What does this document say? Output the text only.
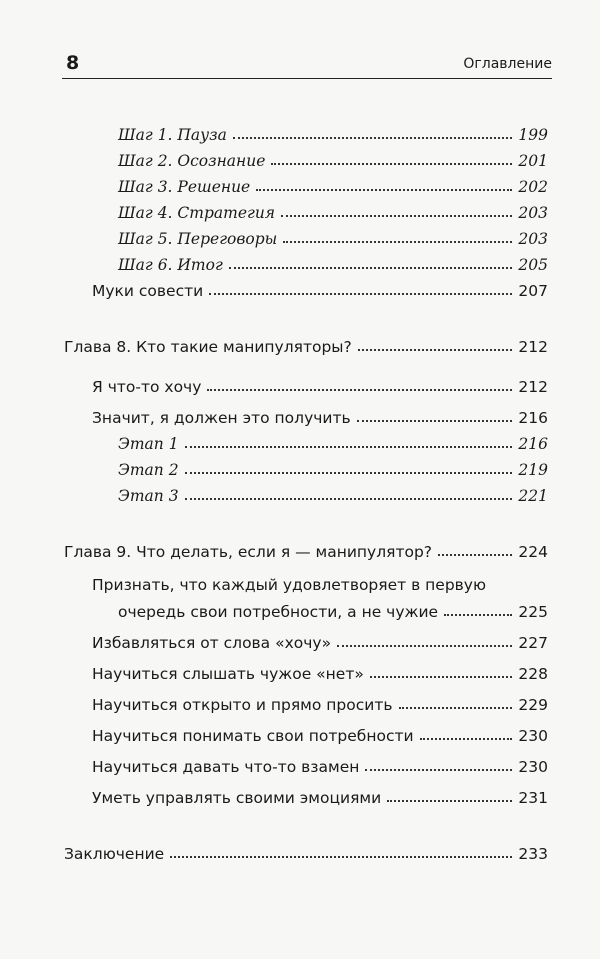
8	Оглавление
Шаг 1. Пауза	199
Шаг 2. Осознание	201
Шаг 3. Решение	202
Шаг 4. Стратегия	203
Шаг 5. Переговоры	203
Шаг 6. Итог	205
Муки совести	207
Глава 8. Кто такие манипуляторы?	212
Я что-то хочу	212
Значит, я должен это получить	216
Этап 1	216
Этап 2	219
Этап 3	221
Глава 9. Что делать, если я — манипулятор?	224
Признать, что каждый удовлетворяет в первую
очередь свои потребности, а не чужие	225
Избавляться от слова «хочу»	227
Научиться слышать чужое «нет»	228
Научиться открыто и прямо просить	229
Научиться понимать свои потребности	230
Научиться давать что-то взамен	230
Уметь управлять своими эмоциями	231
Заключение	233
